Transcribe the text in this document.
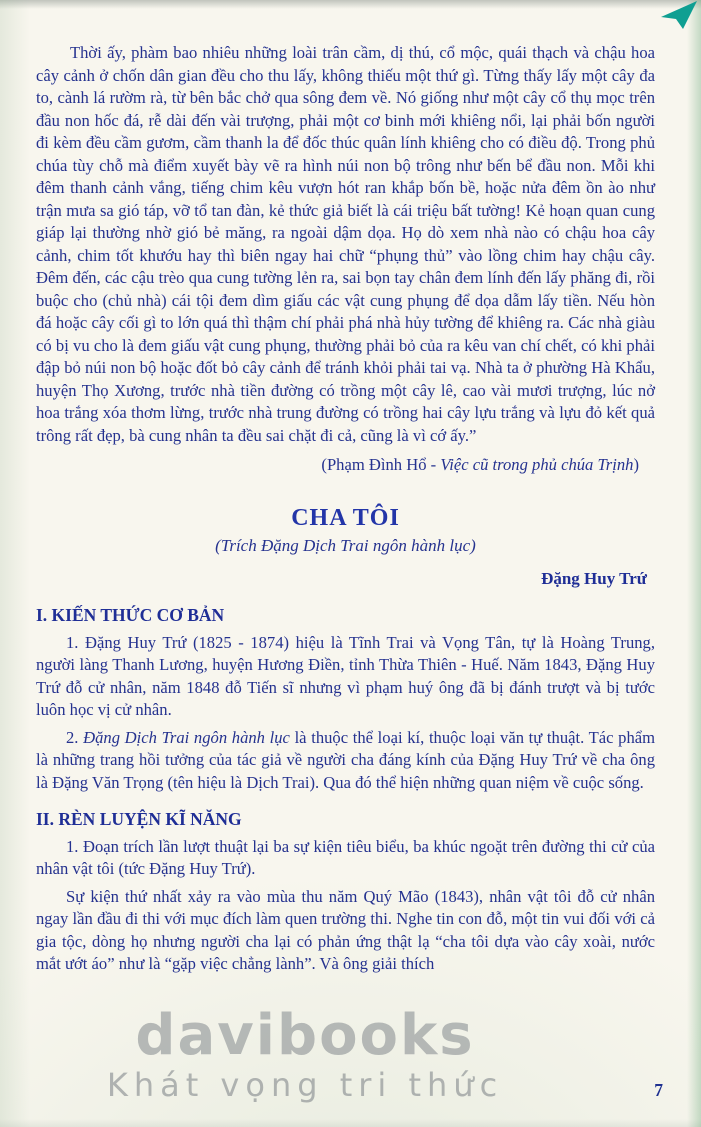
Thời ấy, phàm bao nhiêu những loài trân cầm, dị thú, cổ mộc, quái thạch và chậu hoa cây cảnh ở chốn dân gian đều cho thu lấy, không thiếu một thứ gì. Từng thấy lấy một cây đa to, cành lá rườm rà, từ bên bắc chở qua sông đem về. Nó giống như một cây cổ thụ mọc trên đầu non hốc đá, rễ dài đến vài trượng, phải một cơ binh mới khiêng nổi, lại phải bốn người đi kèm đều cầm gươm, cầm thanh la để đốc thúc quân lính khiêng cho có điều độ. Trong phủ chúa tùy chỗ mà điểm xuyết bày vẽ ra hình núi non bộ trông như bến bể đầu non. Mỗi khi đêm thanh cảnh vắng, tiếng chim kêu vượn hót ran khắp bốn bề, hoặc nửa đêm ồn ào như trận mưa sa gió táp, vỡ tổ tan đàn, kẻ thức giả biết là cái triệu bất tường! Kẻ hoạn quan cung giáp lại thường nhờ gió bẻ măng, ra ngoài dậm dọa. Họ dò xem nhà nào có chậu hoa cây cảnh, chim tốt khướu hay thì biên ngay hai chữ “phụng thủ” vào lồng chim hay chậu cây. Đêm đến, các cậu trèo qua cung tường lẻn ra, sai bọn tay chân đem lính đến lấy phăng đi, rồi buộc cho (chủ nhà) cái tội đem dìm giấu các vật cung phụng để dọa dẫm lấy tiền. Nếu hòn đá hoặc cây cối gì to lớn quá thì thậm chí phải phá nhà hủy tường để khiêng ra. Các nhà giàu có bị vu cho là đem giấu vật cung phụng, thường phải bỏ của ra kêu van chí chết, có khi phải đập bỏ núi non bộ hoặc đốt bỏ cây cảnh để tránh khỏi phải tai vạ. Nhà ta ở phường Hà Khẩu, huyện Thọ Xương, trước nhà tiền đường có trồng một cây lê, cao vài mươi trượng, lúc nở hoa trắng xóa thơm lừng, trước nhà trung đường có trồng hai cây lựu trắng và lựu đỏ kết quả trông rất đẹp, bà cung nhân ta đều sai chặt đi cả, cũng là vì cớ ấy.”

(Phạm Đình Hổ - Việc cũ trong phủ chúa Trịnh)

CHA TÔI

(Trích Đặng Dịch Trai ngôn hành lục)

Đặng Huy Trứ

I. KIẾN THỨC CƠ BẢN

1. Đặng Huy Trứ (1825 - 1874) hiệu là Tĩnh Trai và Vọng Tân, tự là Hoàng Trung, người làng Thanh Lương, huyện Hương Điền, tỉnh Thừa Thiên - Huế. Năm 1843, Đặng Huy Trứ đỗ cử nhân, năm 1848 đỗ Tiến sĩ nhưng vì phạm huý ông đã bị đánh trượt và bị tước luôn học vị cử nhân.

2. Đặng Dịch Trai ngôn hành lục là thuộc thể loại kí, thuộc loại văn tự thuật. Tác phẩm là những trang hồi tưởng của tác giả về người cha đáng kính của Đặng Huy Trứ về cha ông là Đặng Văn Trọng (tên hiệu là Dịch Trai). Qua đó thể hiện những quan niệm về cuộc sống.

II. RÈN LUYỆN KĨ NĂNG

1. Đoạn trích lần lượt thuật lại ba sự kiện tiêu biểu, ba khúc ngoặt trên đường thi cử của nhân vật tôi (tức Đặng Huy Trứ).

Sự kiện thứ nhất xảy ra vào mùa thu năm Quý Mão (1843), nhân vật tôi đỗ cử nhân ngay lần đầu đi thi với mục đích làm quen trường thi. Nghe tin con đỗ, một tin vui đối với cả gia tộc, dòng họ nhưng người cha lại có phản ứng thật lạ “cha tôi dựa vào cây xoài, nước mắt ướt áo” như là “gặp việc chẳng lành”. Và ông giải thích

davibooks
Khát vọng tri thức	7
